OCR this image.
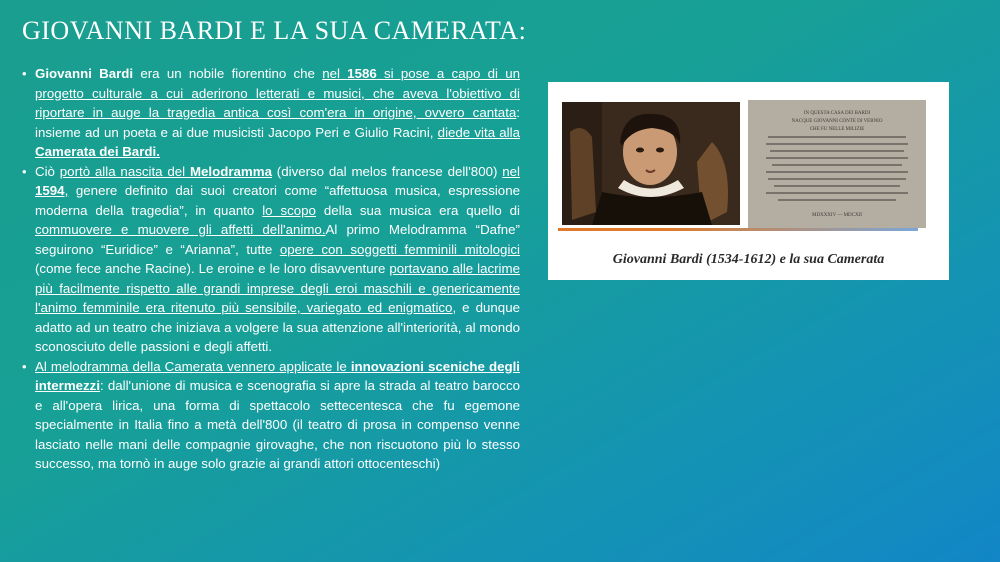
GIOVANNI BARDI E LA SUA CAMERATA:
• Giovanni Bardi era un nobile fiorentino che nel 1586 si pose a capo di un progetto culturale a cui aderirono letterati e musici, che aveva l'obiettivo di riportare in auge la tragedia antica così com'era in origine, ovvero cantata: insieme ad un poeta e ai due musicisti Jacopo Peri e Giulio Racini, diede vita alla Camerata dei Bardi.
• Ciò portò alla nascita del Melodramma (diverso dal melos francese dell'800) nel 1594, genere definito dai suoi creatori come “affettuosa musica, espressione moderna della tragedia”, in quanto lo scopo della sua musica era quello di commuovere e muovere gli affetti dell'animo.Al primo Melodramma “Dafne” seguirono “Euridice” e “Arianna”, tutte opere con soggetti femminili mitologici (come fece anche Racine). Le eroine e le loro disavventure portavano alle lacrime più facilmente rispetto alle grandi imprese degli eroi maschili e genericamente l'animo femminile era ritenuto più sensibile, variegato ed enigmatico, e dunque adatto ad un teatro che iniziava a volgere la sua attenzione all'interiorità, al mondo sconosciuto delle passioni e degli affetti.
• Al melodramma della Camerata vennero applicate le innovazioni sceniche degli intermezzi: dall'unione di musica e scenografia si apre la strada al teatro barocco e all'opera lirica, una forma di spettacolo settecentesca che fu egemone specialmente in Italia fino a metà dell'800 (il teatro di prosa in compenso venne lasciato nelle mani delle compagnie girovaghe, che non riscuotono più lo stesso successo, ma tornò in auge solo grazie ai grandi attori ottocenteschi)
IN QUESTA CASA DEI BARDI
NACQUE GIOVANNI CONTE DI VERNIO
CHE FU NELLE MILIZIE
MDXXXIV — MDCXII
Giovanni Bardi (1534-1612) e la sua Camerata
